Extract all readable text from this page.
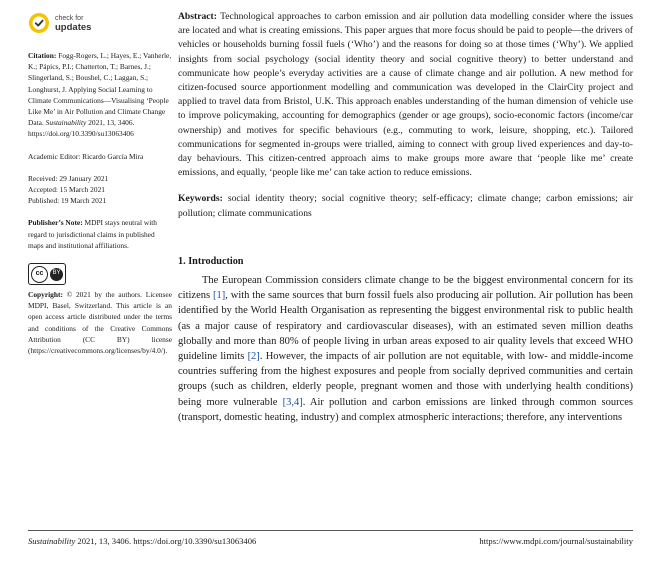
check for
updates
Citation: Fogg-Rogers, L.; Hayes, E.; Vanherle, K.; Pápics, P.I.; Chatterton, T.; Barnes, J.; Slingerland, S.; Boushel, C.; Laggan, S.; Longhurst, J. Applying Social Learning to Climate Communications—Visualising ‘People Like Me’ in Air Pollution and Climate Change Data. Sustainability 2021, 13, 3406. https://doi.org/10.3390/su13063406
Academic Editor: Ricardo García Mira
Received: 29 January 2021
Accepted: 15 March 2021
Published: 19 March 2021
Publisher’s Note: MDPI stays neutral with regard to jurisdictional claims in published maps and institutional affiliations.
cc	BY
Copyright: © 2021 by the authors. Licensee MDPI, Basel, Switzerland. This article is an open access article distributed under the terms and conditions of the Creative Commons Attribution (CC BY) license (https://creativecommons.org/licenses/by/4.0/).

Abstract: Technological approaches to carbon emission and air pollution data modelling consider where the issues are located and what is creating emissions. This paper argues that more focus should be paid to people—the drivers of vehicles or households burning fossil fuels (‘Who’) and the reasons for doing so at those times (‘Why’). We applied insights from social psychology (social identity theory and social cognitive theory) to better understand and communicate how people’s everyday activities are a cause of climate change and air pollution. A new method for citizen-focused source apportionment modelling and communication was developed in the ClairCity project and applied to travel data from Bristol, U.K. This approach enables understanding of the human dimension of vehicle use to improve policymaking, accounting for demographics (gender or age groups), socio-economic factors (income/car ownership) and motives for specific behaviours (e.g., commuting to work, leisure, shopping, etc.). Tailored communications for segmented in-groups were trialled, aiming to connect with group lived experiences and day-to-day behaviours. This citizen-centred approach aims to make groups more aware that ‘people like me’ create emissions, and equally, ‘people like me’ can take action to reduce emissions.

Keywords: social identity theory; social cognitive theory; self-efficacy; climate change; carbon emissions; air pollution; climate communications

1. Introduction

The European Commission considers climate change to be the biggest environmental concern for its citizens [1], with the same sources that burn fossil fuels also producing air pollution. Air pollution has been identified by the World Health Organisation as representing the biggest environmental risk to public health (as a major cause of respiratory and cardiovascular diseases), with an estimated seven million deaths globally and more than 80% of people living in urban areas exposed to air quality levels that exceed WHO guideline limits [2]. However, the impacts of air pollution are not equitable, with low- and middle-income countries suffering from the highest exposures and people from socially deprived communities and certain groups (such as children, elderly people, pregnant women and those with underlying health conditions) being more vulnerable [3,4]. Air pollution and carbon emissions are linked through common sources (transport, domestic heating, industry) and complex atmospheric interactions; therefore, any interventions

Sustainability 2021, 13, 3406. https://doi.org/10.3390/su13063406	https://www.mdpi.com/journal/sustainability
